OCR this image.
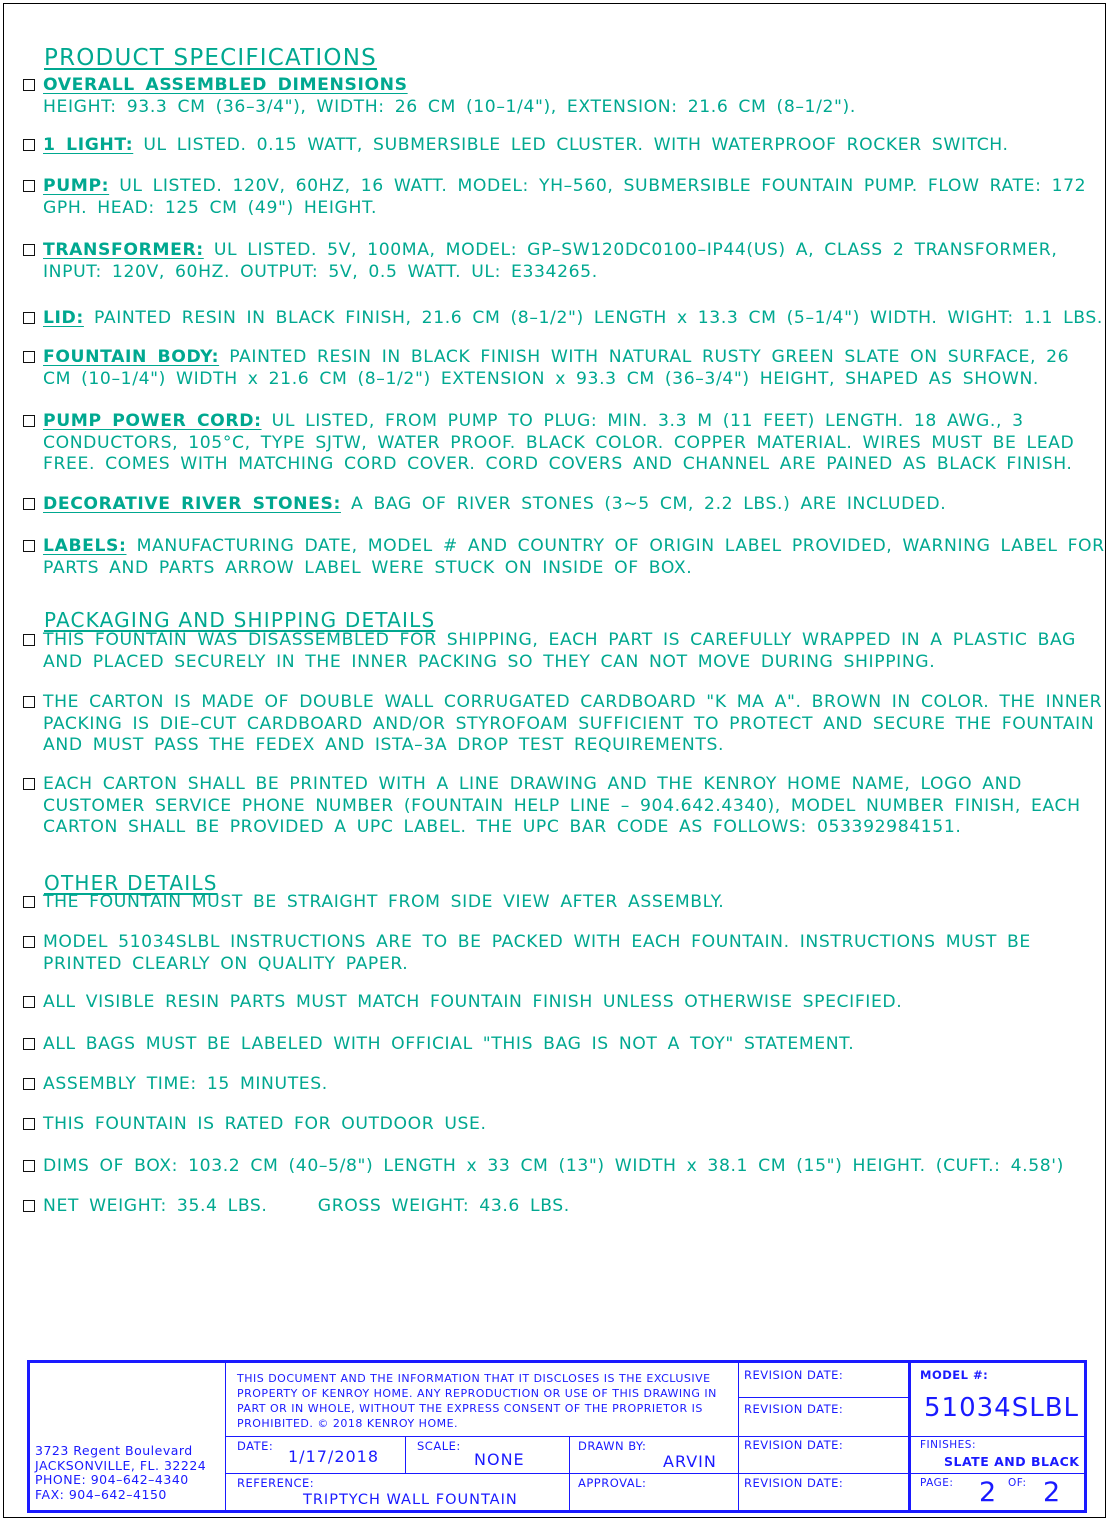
PRODUCT SPECIFICATIONS
PACKAGING AND SHIPPING DETAILS
OTHER DETAILS
OVERALL ASSEMBLED DIMENSIONS
HEIGHT: 93.3 CM (36–3/4"), WIDTH: 26 CM (10–1/4"), EXTENSION: 21.6 CM (8–1/2").
1 LIGHT: UL LISTED. 0.15 WATT, SUBMERSIBLE LED CLUSTER. WITH WATERPROOF ROCKER SWITCH.
PUMP: UL LISTED. 120V, 60HZ, 16 WATT. MODEL: YH–560, SUBMERSIBLE FOUNTAIN PUMP. FLOW RATE: 172 GPH. HEAD: 125 CM (49") HEIGHT.
TRANSFORMER: UL LISTED. 5V, 100MA, MODEL: GP–SW120DC0100–IP44(US) A, CLASS 2 TRANSFORMER, INPUT: 120V, 60HZ. OUTPUT: 5V, 0.5 WATT. UL: E334265.
LID: PAINTED RESIN IN BLACK FINISH, 21.6 CM (8–1/2") LENGTH x 13.3 CM (5–1/4") WIDTH. WIGHT: 1.1 LBS.
FOUNTAIN BODY: PAINTED RESIN IN BLACK FINISH WITH NATURAL RUSTY GREEN SLATE ON SURFACE, 26 CM (10–1/4") WIDTH x 21.6 CM (8–1/2") EXTENSION x 93.3 CM (36–3/4") HEIGHT, SHAPED AS SHOWN.
PUMP POWER CORD: UL LISTED, FROM PUMP TO PLUG: MIN. 3.3 M (11 FEET) LENGTH. 18 AWG., 3 CONDUCTORS, 105°C, TYPE SJTW, WATER PROOF. BLACK COLOR. COPPER MATERIAL. WIRES MUST BE LEAD FREE. COMES WITH MATCHING CORD COVER. CORD COVERS AND CHANNEL ARE PAINED AS BLACK FINISH.
DECORATIVE RIVER STONES: A BAG OF RIVER STONES (3~5 CM, 2.2 LBS.) ARE INCLUDED.
LABELS: MANUFACTURING DATE, MODEL # AND COUNTRY OF ORIGIN LABEL PROVIDED, WARNING LABEL FOR PARTS AND PARTS ARROW LABEL WERE STUCK ON INSIDE OF BOX.
THIS FOUNTAIN WAS DISASSEMBLED FOR SHIPPING, EACH PART IS CAREFULLY WRAPPED IN A PLASTIC BAG AND PLACED SECURELY IN THE INNER PACKING SO THEY CAN NOT MOVE DURING SHIPPING.
THE CARTON IS MADE OF DOUBLE WALL CORRUGATED CARDBOARD "K MA A". BROWN IN COLOR. THE INNER PACKING IS DIE–CUT CARDBOARD AND/OR STYROFOAM SUFFICIENT TO PROTECT AND SECURE THE FOUNTAIN AND MUST PASS THE FEDEX AND ISTA–3A DROP TEST REQUIREMENTS.
EACH CARTON SHALL BE PRINTED WITH A LINE DRAWING AND THE KENROY HOME NAME, LOGO AND CUSTOMER SERVICE PHONE NUMBER (FOUNTAIN HELP LINE – 904.642.4340), MODEL NUMBER FINISH, EACH CARTON SHALL BE PROVIDED A UPC LABEL. THE UPC BAR CODE AS FOLLOWS: 053392984151.
THE FOUNTAIN MUST BE STRAIGHT FROM SIDE VIEW AFTER ASSEMBLY.
MODEL 51034SLBL INSTRUCTIONS ARE TO BE PACKED WITH EACH FOUNTAIN. INSTRUCTIONS MUST BE PRINTED CLEARLY ON QUALITY PAPER.
ALL VISIBLE RESIN PARTS MUST MATCH FOUNTAIN FINISH UNLESS OTHERWISE SPECIFIED.
ALL BAGS MUST BE LABELED WITH OFFICIAL "THIS BAG IS NOT A TOY" STATEMENT.
ASSEMBLY TIME: 15 MINUTES.
THIS FOUNTAIN IS RATED FOR OUTDOOR USE.
DIMS OF BOX: 103.2 CM (40–5/8") LENGTH x 33 CM (13") WIDTH x 38.1 CM (15") HEIGHT. (CUFT.: 4.58')
NET WEIGHT: 35.4 LBS.     GROSS WEIGHT: 43.6 LBS.
3723 Regent Boulevard
JACKSONVILLE, FL. 32224
PHONE: 904–642–4340
FAX: 904–642–4150
THIS DOCUMENT AND THE INFORMATION THAT IT DISCLOSES IS THE EXCLUSIVE PROPERTY OF KENROY HOME. ANY REPRODUCTION OR USE OF THIS DRAWING IN PART OR IN WHOLE, WITHOUT THE EXPRESS CONSENT OF THE PROPRIETOR IS PROHIBITED. © 2018 KENROY HOME.
DATE:
1/17/2018
SCALE:
NONE
DRAWN BY:
ARVIN
REFERENCE:
TRIPTYCH WALL FOUNTAIN
APPROVAL:
REVISION DATE:
REVISION DATE:
REVISION DATE:
REVISION DATE:
MODEL #:
51034SLBL
FINISHES:
SLATE AND BLACK
PAGE: 2 OF: 2
